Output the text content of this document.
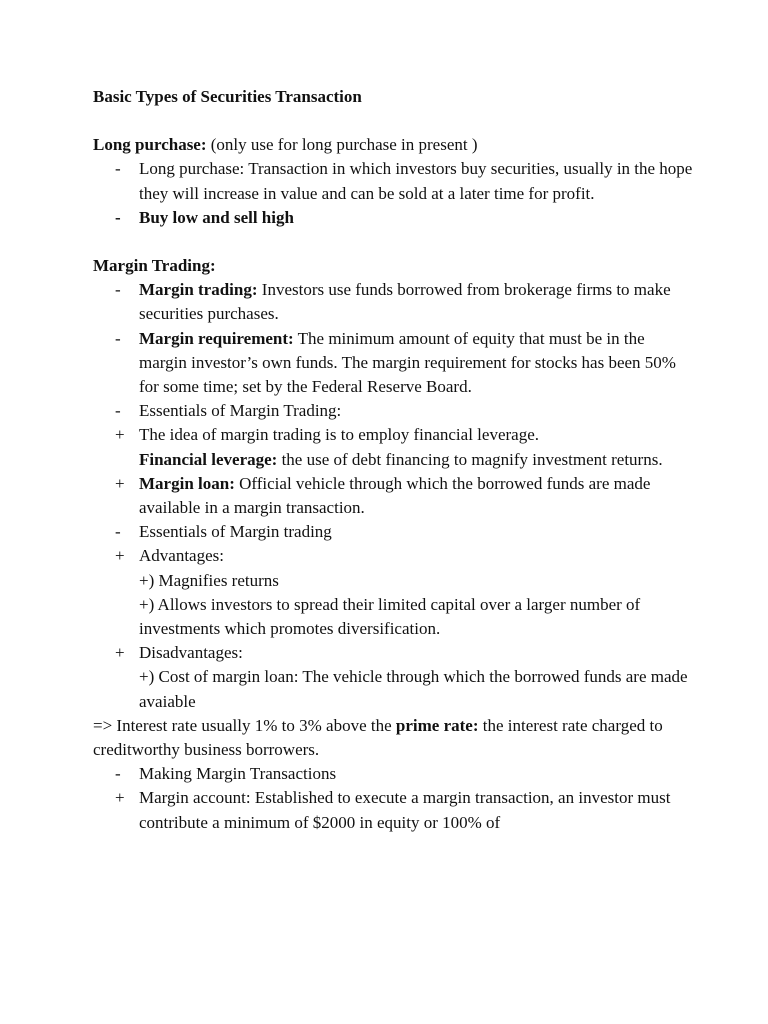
Basic Types of Securities Transaction

Long purchase: (only use for long purchase in present )

-	Long purchase: Transaction in which investors buy securities, usually in the hope they will increase in value and can be sold at a later time for profit.

-	Buy low and sell high

Margin Trading:

-	Margin trading: Investors use funds borrowed from brokerage firms to make securities purchases.

-	Margin requirement: The minimum amount of equity that must be in the margin investor’s own funds. The margin requirement for stocks has been 50% for some time; set by the Federal Reserve Board.

-	Essentials of Margin Trading:

+ The idea of margin trading is to employ financial leverage.
Financial leverage: the use of debt financing to magnify investment returns.

+ Margin loan: Official vehicle through which the borrowed funds are made available in a margin transaction.

-	Essentials of Margin trading

+ Advantages:

+) Magnifies returns

+) Allows investors to spread their limited capital over a larger number of investments which promotes diversification.

+ Disadvantages:

+) Cost of margin loan: The vehicle through which the borrowed funds are made avaiable

=> Interest rate usually 1% to 3% above the prime rate: the interest rate charged to creditworthy business borrowers.

-	Making Margin Transactions

+ Margin account: Established to execute a margin transaction, an investor must contribute a minimum of $2000 in equity or 100% of
